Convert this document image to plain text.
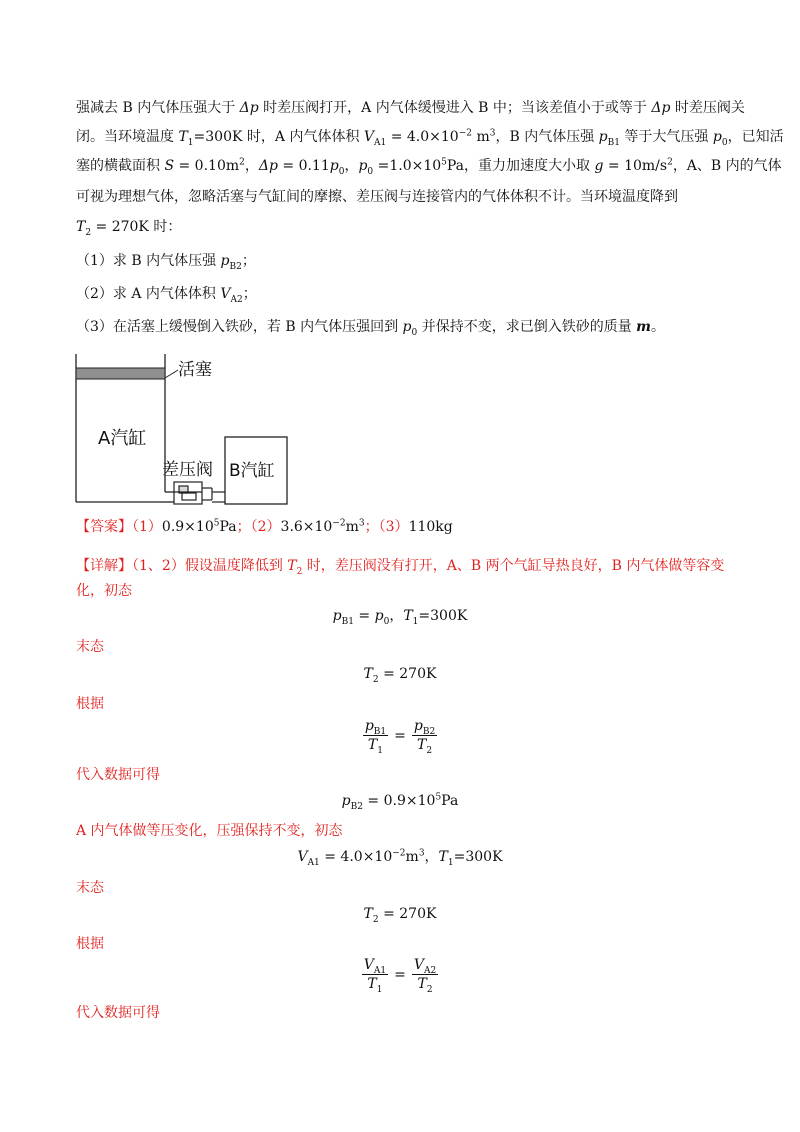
强减去 B 内气体压强大于 Δp 时差压阀打开，A 内气体缓慢进入 B 中；当该差值小于或等于 Δp 时差压阀关
闭。当环境温度 $T_1=300K$ 时，A 内气体体积 $V_{A1} = 4.0\times 10^{-2}$ $m^3$，B 内气体压强 $p_{B1}$ 等于大气压强 $p_0$，已知活
塞的横截面积 $S = 0.10m^2$，$\Delta p = 0.11p_0$，$p_0 =1.0\times 10^5Pa$，重力加速度大小取 $g = 10m/s^2$，A、B 内的气体
可视为理想气体，忽略活塞与气缸间的摩擦、差压阀与连接管内的气体体积不计。当环境温度降到
$T_2 = 270K$ 时：
（1）求 B 内气体压强 $p_{B2}$；
（2）求 A 内气体体积 $V_{A2}$；
（3）在活塞上缓慢倒入铁砂，若 B 内气体压强回到 $p_0$ 并保持不变，求已倒入铁砂的质量 m。
活塞
A汽缸
差压阀 B汽缸
【答案】$(1)0.9\times 10^5Pa$；$(2)3.6\times 10^{-2}m^3$；（3）110kg
【详解】（1、2）假设温度降低到 $T_2$ 时，差压阀没有打开，A、B 两个气缸导热良好，B 内气体做等容变
化，初态
$p_{B1} = p_0$，$T_1=300K$
末态
$T_2 = 270K$
根据
$\frac{p_{B1}}{T_1} = \frac{p_{B2}}{T_2}$
代入数据可得
$p_{B2} = 0.9\times 10^5Pa$
A 内气体做等压变化，压强保持不变，初态
$V_{A1} = 4.0\times 10^{-2}m^3$，$T_1=300K$
末态
$T_2 = 270K$
根据
$\frac{V_{A1}}{T_1} = \frac{V_{A2}}{T_2}$
代入数据可得
